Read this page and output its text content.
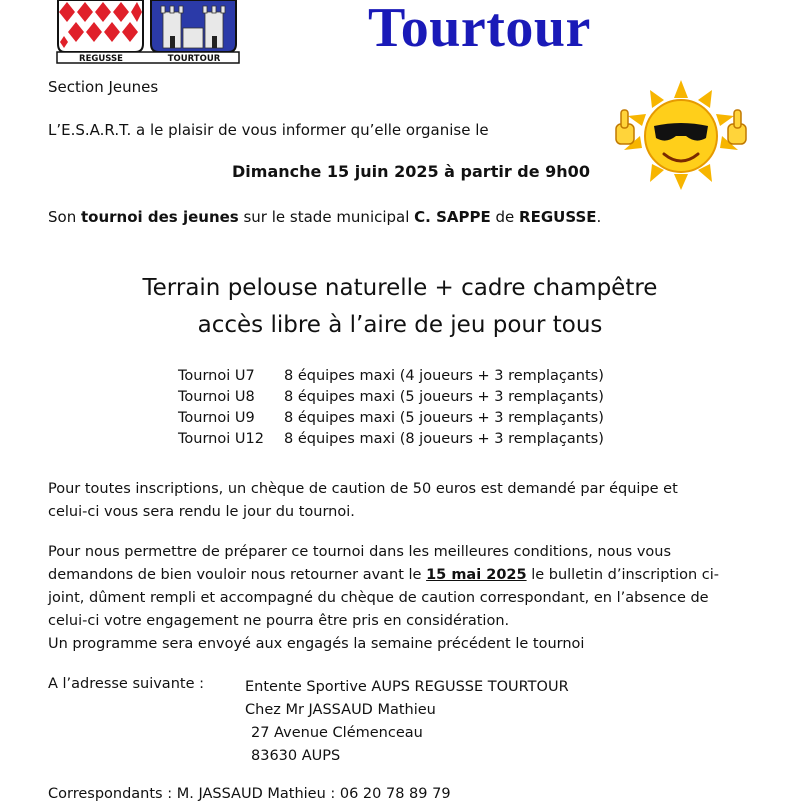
REGUSSE	TOURTOUR	Tourtour
Section Jeunes
L’E.S.A.R.T. a le plaisir de vous informer qu’elle organise le
Dimanche 15 juin 2025 à partir de 9h00
Son tournoi des jeunes sur le stade municipal C. SAPPE de REGUSSE.
Terrain pelouse naturelle + cadre champêtre
accès libre à l’aire de jeu pour tous
Tournoi U7	8 équipes maxi (4 joueurs + 3 remplaçants)
Tournoi U8	8 équipes maxi (5 joueurs + 3 remplaçants)
Tournoi U9	8 équipes maxi (5 joueurs + 3 remplaçants)
Tournoi U12	8 équipes maxi (8 joueurs + 3 remplaçants)
Pour toutes inscriptions, un chèque de caution de 50 euros est demandé par équipe et
celui-ci vous sera rendu le jour du tournoi.
Pour nous permettre de préparer ce tournoi dans les meilleures conditions, nous vous
demandons de bien vouloir nous retourner avant le 15 mai 2025 le bulletin d’inscription ci-
joint, dûment rempli et accompagné du chèque de caution correspondant, en l’absence de
celui-ci votre engagement ne pourra être pris en considération.
Un programme sera envoyé aux engagés la semaine précédent le tournoi
A l’adresse suivante :	Entente Sportive AUPS REGUSSE TOURTOUR
Chez Mr JASSAUD Mathieu
27 Avenue Clémenceau
83630 AUPS
Correspondants : M. JASSAUD Mathieu : 06 20 78 89 79
